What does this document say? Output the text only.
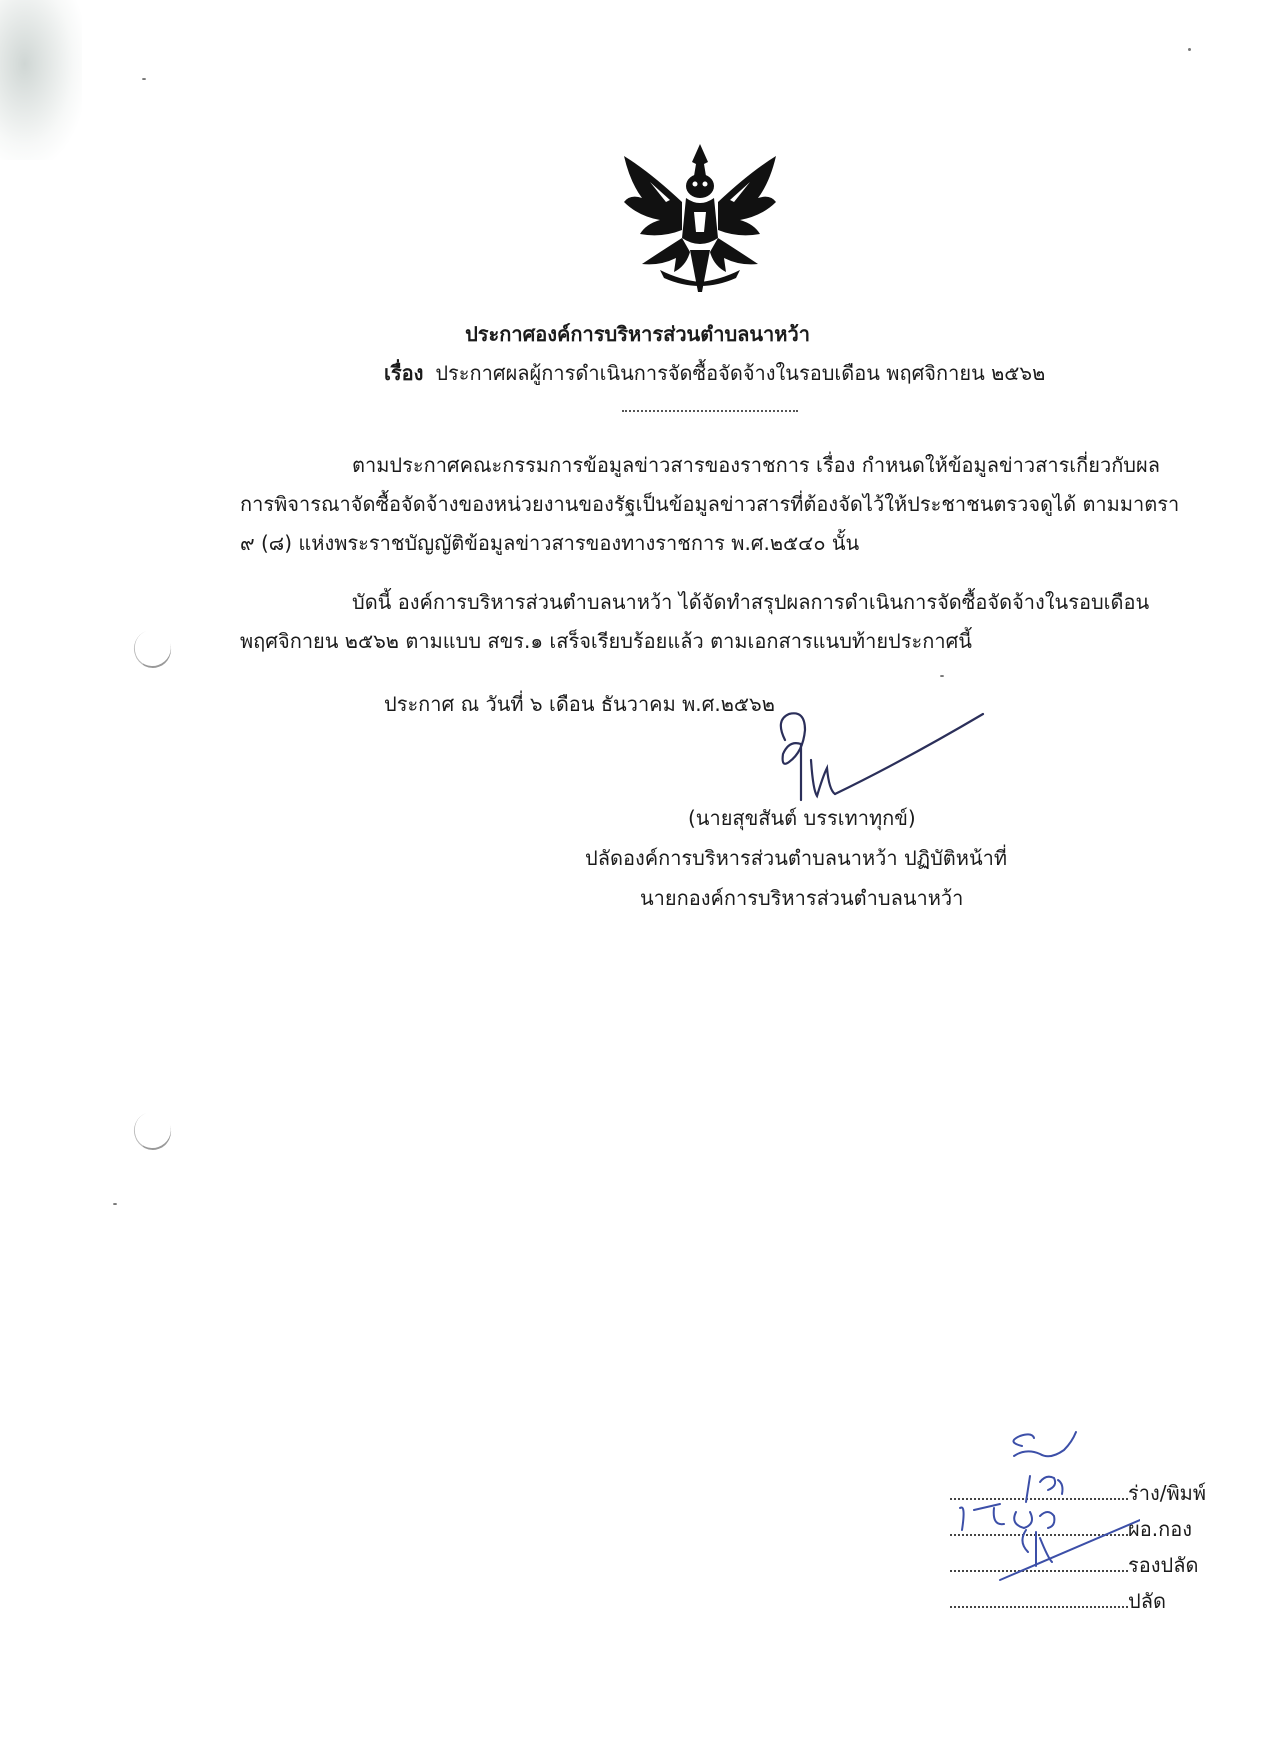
ประกาศองค์การบริหารส่วนตำบลนาหว้า
เรื่อง ประกาศผลผู้การดำเนินการจัดซื้อจัดจ้างในรอบเดือน พฤศจิกายน ๒๕๖๒
ตามประกาศคณะกรรมการข้อมูลข่าวสารของราชการ เรื่อง กำหนดให้ข้อมูลข่าวสารเกี่ยวกับผล
การพิจารณาจัดซื้อจัดจ้างของหน่วยงานของรัฐเป็นข้อมูลข่าวสารที่ต้องจัดไว้ให้ประชาชนตรวจดูได้ ตามมาตรา
๙ (๘) แห่งพระราชบัญญัติข้อมูลข่าวสารของทางราชการ พ.ศ.๒๕๔๐ นั้น
บัดนี้ องค์การบริหารส่วนตำบลนาหว้า ได้จัดทำสรุปผลการดำเนินการจัดซื้อจัดจ้างในรอบเดือน
พฤศจิกายน ๒๕๖๒ ตามแบบ สขร.๑ เสร็จเรียบร้อยแล้ว ตามเอกสารแนบท้ายประกาศนี้
ประกาศ ณ วันที่ ๖ เดือน ธันวาคม พ.ศ.๒๕๖๒
(นายสุขสันต์ บรรเทาทุกข์)
ปลัดองค์การบริหารส่วนตำบลนาหว้า ปฏิบัติหน้าที่
นายกองค์การบริหารส่วนตำบลนาหว้า
ร่าง/พิมพ์
ผอ.กอง
รองปลัด
ปลัด
